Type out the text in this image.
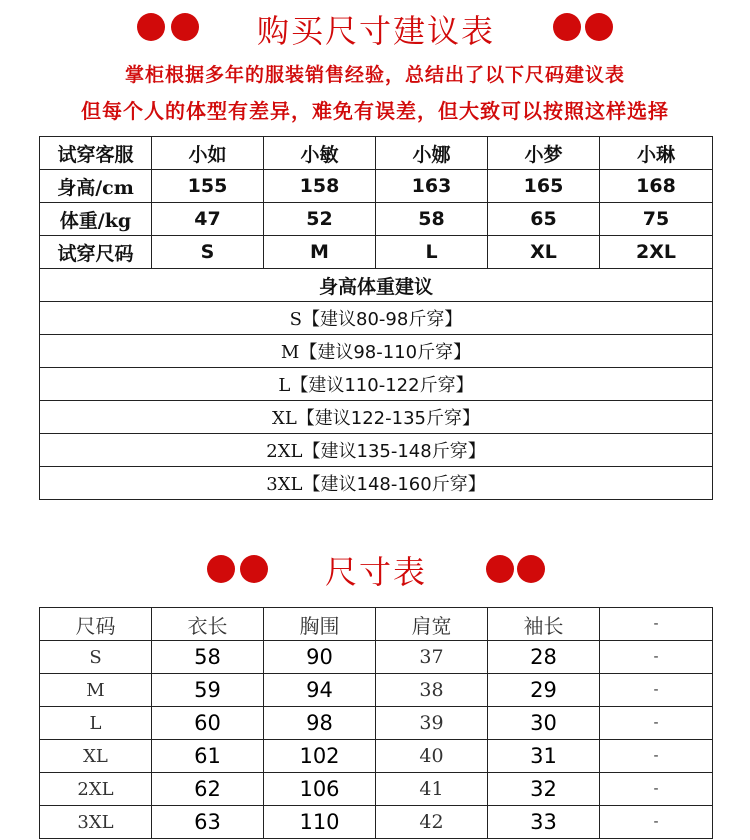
购买尺寸建议表
掌柜根据多年的服装销售经验，总结出了以下尺码建议表
但每个人的体型有差异，难免有误差，但大致可以按照这样选择
试穿客服	小如	小敏	小娜	小梦	小琳
身高/cm	155	158	163	165	168
体重/kg	47	52	58	65	75
试穿尺码	S	M	L	XL	2XL
身高体重建议					
S【建议80-98斤穿】					
M【建议98-110斤穿】					
L【建议110-122斤穿】					
XL【建议122-135斤穿】					
2XL【建议135-148斤穿】					
3XL【建议148-160斤穿】					
尺寸表
尺码	衣长	胸围	肩宽	袖长	-
S	58	90	37	28	-
M	59	94	38	29	-
L	60	98	39	30	-
XL	61	102	40	31	-
2XL	62	106	41	32	-
3XL	63	110	42	33	-
